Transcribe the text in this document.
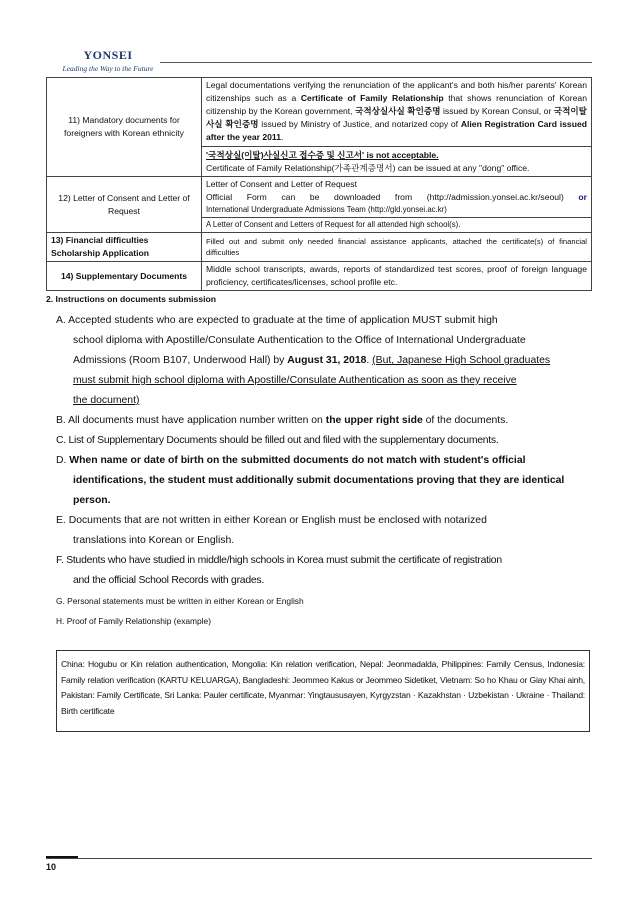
YONSEI
Leading the Way to the Future
11) Mandatory documents for foreigners with Korean ethnicity	Legal documentations verifying the renunciation of the applicant's and both his/her parents' Korean citizenships such as a Certificate of Family Relationship that shows renunciation of Korean citizenship by the Korean government, 국적상실사실 확인증명 issued by Korean Consul, or 국적이탈사실 확인증명 issued by Ministry of Justice, and notarized copy of Alien Registration Card issued after the year 2011.
'국적상실(이탈)사실신고 접수증 및 신고서' is not acceptable.
Certificate of Family Relationship(가족관계증명서) can be issued at any "dong" office.

12) Letter of Consent and Letter of Request	Letter of Consent and Letter of Request
Official Form can be downloaded from (http://admission.yonsei.ac.kr/seoul) or
International Undergraduate Admissions Team (http://gld.yonsei.ac.kr)
A Letter of Consent and Letters of Request for all attended high school(s).

13) Financial difficulties Scholarship Application	Filled out and submit only needed financial assistance applicants, attached the certificate(s) of financial difficulties
14) Supplementary Documents	Middle school transcripts, awards, reports of standardized test scores, proof of foreign language proficiency, certificates/licenses, school profile etc.
2. Instructions on documents submission

A. Accepted students who are expected to graduate at the time of application MUST submit high
school diploma with Apostille/Consulate Authentication to the Office of International Undergraduate
Admissions (Room B107, Underwood Hall) by August 31, 2018. (But, Japanese High School graduates
must submit high school diploma with Apostille/Consulate Authentication as soon as they receive
the document)

B. All documents must have application number written on the upper right side of the documents.

C. List of Supplementary Documents should be filled out and filed with the supplementary documents.

D. When name or date of birth on the submitted documents do not match with student's official
identifications, the student must additionally submit documentations proving that they are identical
person.

E. Documents that are not written in either Korean or English must be enclosed with notarized
translations into Korean or English.

F. Students who have studied in middle/high schools in Korea must submit the certificate of registration
and the official School Records with grades.

G. Personal statements must be written in either Korean or English

H. Proof of Family Relationship (example)

China: Hogubu or Kin relation authentication, Mongolia: Kin relation verification, Nepal: Jeonmadalda, Philippines: Family Census, Indonesia: Family relation verification (KARTU KELUARGA), Bangladeshi: Jeommeo Kakus or Jeommeo Sidetiket, Vietnam: So ho Khau or Giay Khai ainh, Pakistan: Family Certificate, Sri Lanka: Pauler certificate, Myanmar: Yingtaususayen, Kyrgyzstan · Kazakhstan · Uzbekistan · Ukraine · Thailand: Birth certificate

10
